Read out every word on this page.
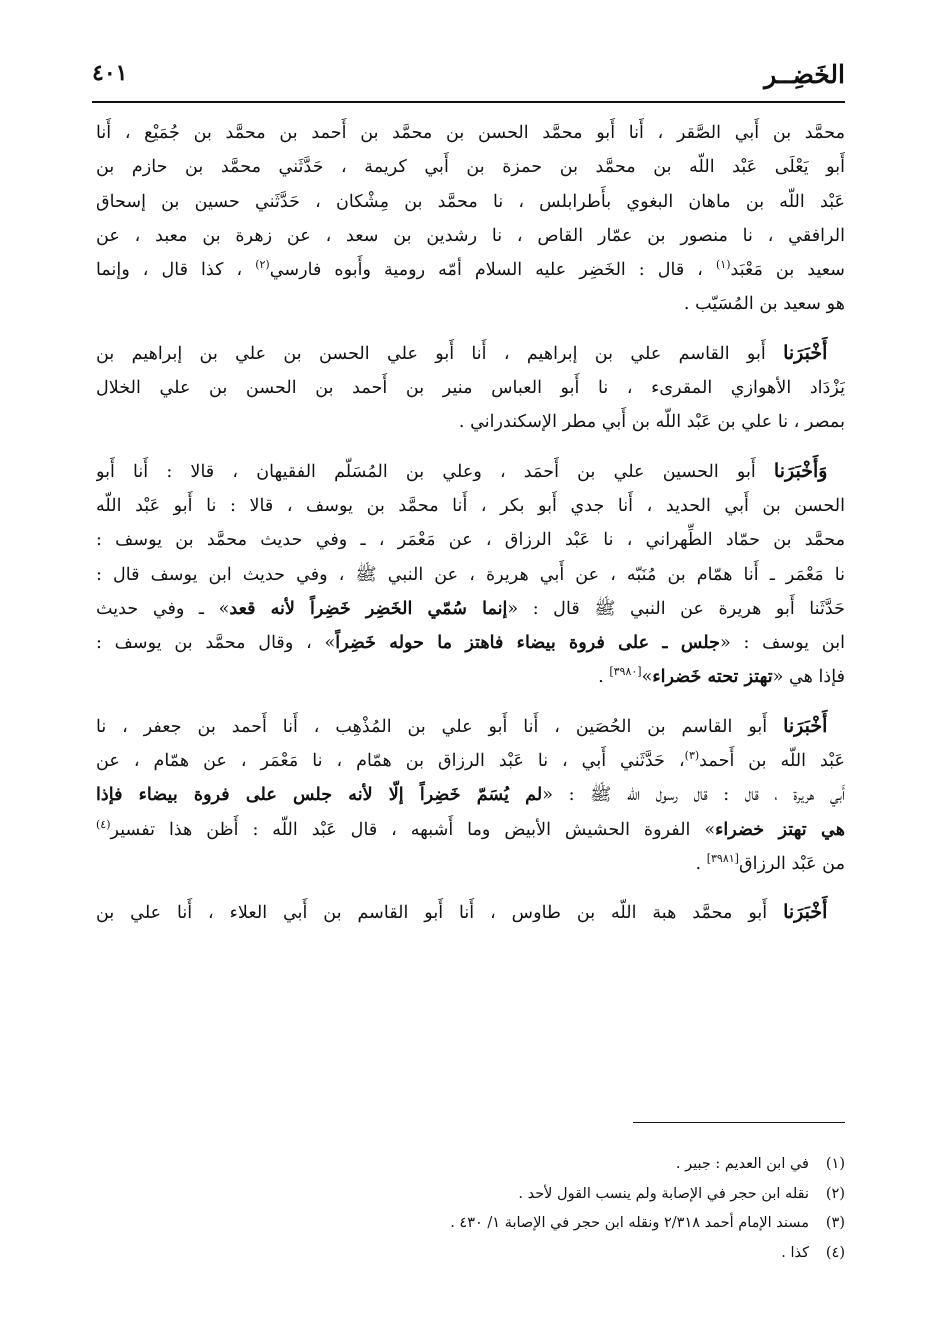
الخَضِــر
٤٠١
محمَّد بن أَبي الصَّقر ، أَنا أَبو محمَّد الحسن بن محمَّد بن أَحمد بن محمَّد بن جُمَيْع ، أَنا
أَبو يَعْلَى عَبْد اللّه بن محمَّد بن حمزة بن أَبي كريمة ، حَدَّثَني محمَّد بن حازم بن
عَبْد اللّه بن ماهان البغوي بأَطرابلس ، نا محمَّد بن مِشْكان ، حَدَّثَني حسين بن إسحاق
الرافقي ، نا منصور بن عمّار القاص ، نا رشدين بن سعد ، عن زهرة بن معبد ، عن
سعيد بن مَعْبَد$^{(١)}$ ، قال : الخَضِر عليه السلام أمّه رومية وأَبوه فارسي$^{(٢)}$ ، كذا قال ، وإنما
هو سعيد بن المُسَيّب .
 أَخْبَرَنا أَبو القاسم علي بن إبراهيم ، أَنا أَبو علي الحسن بن علي بن إبراهيم بن
يَزْدَاد الأهوازي المقرىء ، نا أَبو العباس منير بن أَحمد بن الحسن بن علي الخلال
بمصر ، نا علي بن عَبْد اللّه بن أَبي مطر الإسكندراني .
 وَأَخْبَرَنا أَبو الحسين علي بن أَحمَد ، وعلي بن المُسَلّم الفقيهان ، قالا : أَنا أَبو
الحسن بن أَبي الحديد ، أَنا جدي أَبو بكر ، أَنا محمَّد بن يوسف ، قالا : نا أَبو عَبْد اللّه
محمَّد بن حمّاد الطِّهراني ، نا عَبْد الرزاق ، عن مَعْمَر ، ـ وفي حديث محمَّد بن يوسف :
نا مَعْمَر ـ أَنا همّام بن مُنَبّه ، عن أَبي هريرة ، عن النبي ﷺ ، وفي حديث ابن يوسف قال :
حَدَّثَنا أَبو هريرة عن النبي ﷺ قال : «إنما سُمّي الخَضِر خَضِراً لأنه قعد» ـ وفي حديث
ابن يوسف : «جلس ـ على فروة بيضاء فاهتز ما حوله خَضِراً» ، وقال محمَّد بن يوسف :
فإذا هي «تهتز تحته خَضراء»[٣٩٨٠] .
 أَخْبَرَنا أَبو القاسم بن الحُصَين ، أَنا أَبو علي بن المُذْهِب ، أَنا أَحمد بن جعفر ، نا
عَبْد اللّه بن أَحمد$^{(٣)}$، حَدَّثَني أَبي ، نا عَبْد الرزاق بن همّام ، نا مَعْمَر ، عن همّام ، عن
أَبي هريرة ، قال : قال رسول اللّه ﷺ : «لم يُسَمّ خَضِراً إلّا لأنه جلس على فروة بيضاء فإذا
هي تهتز خضراء» الفروة الحشيش الأبيض وما أَشبهه ، قال عَبْد اللّه : أَظن هذا تفسير$^{(٤)}$
من عَبْد الرزاق[٣٩٨١] .
 أَخْبَرَنا أَبو محمَّد هبة اللّه بن طاوس ، أَنا أَبو القاسم بن أَبي العلاء ، أَنا علي بن
(١)في ابن العديم : جبير .
(٢)نقله ابن حجر في الإصابة ولم ينسب القول لأحد .
(٣)مسند الإمام أحمد ٢/٣١٨ ونقله ابن حجر في الإصابة ١/ ٤٣٠ .
(٤)كذا .
